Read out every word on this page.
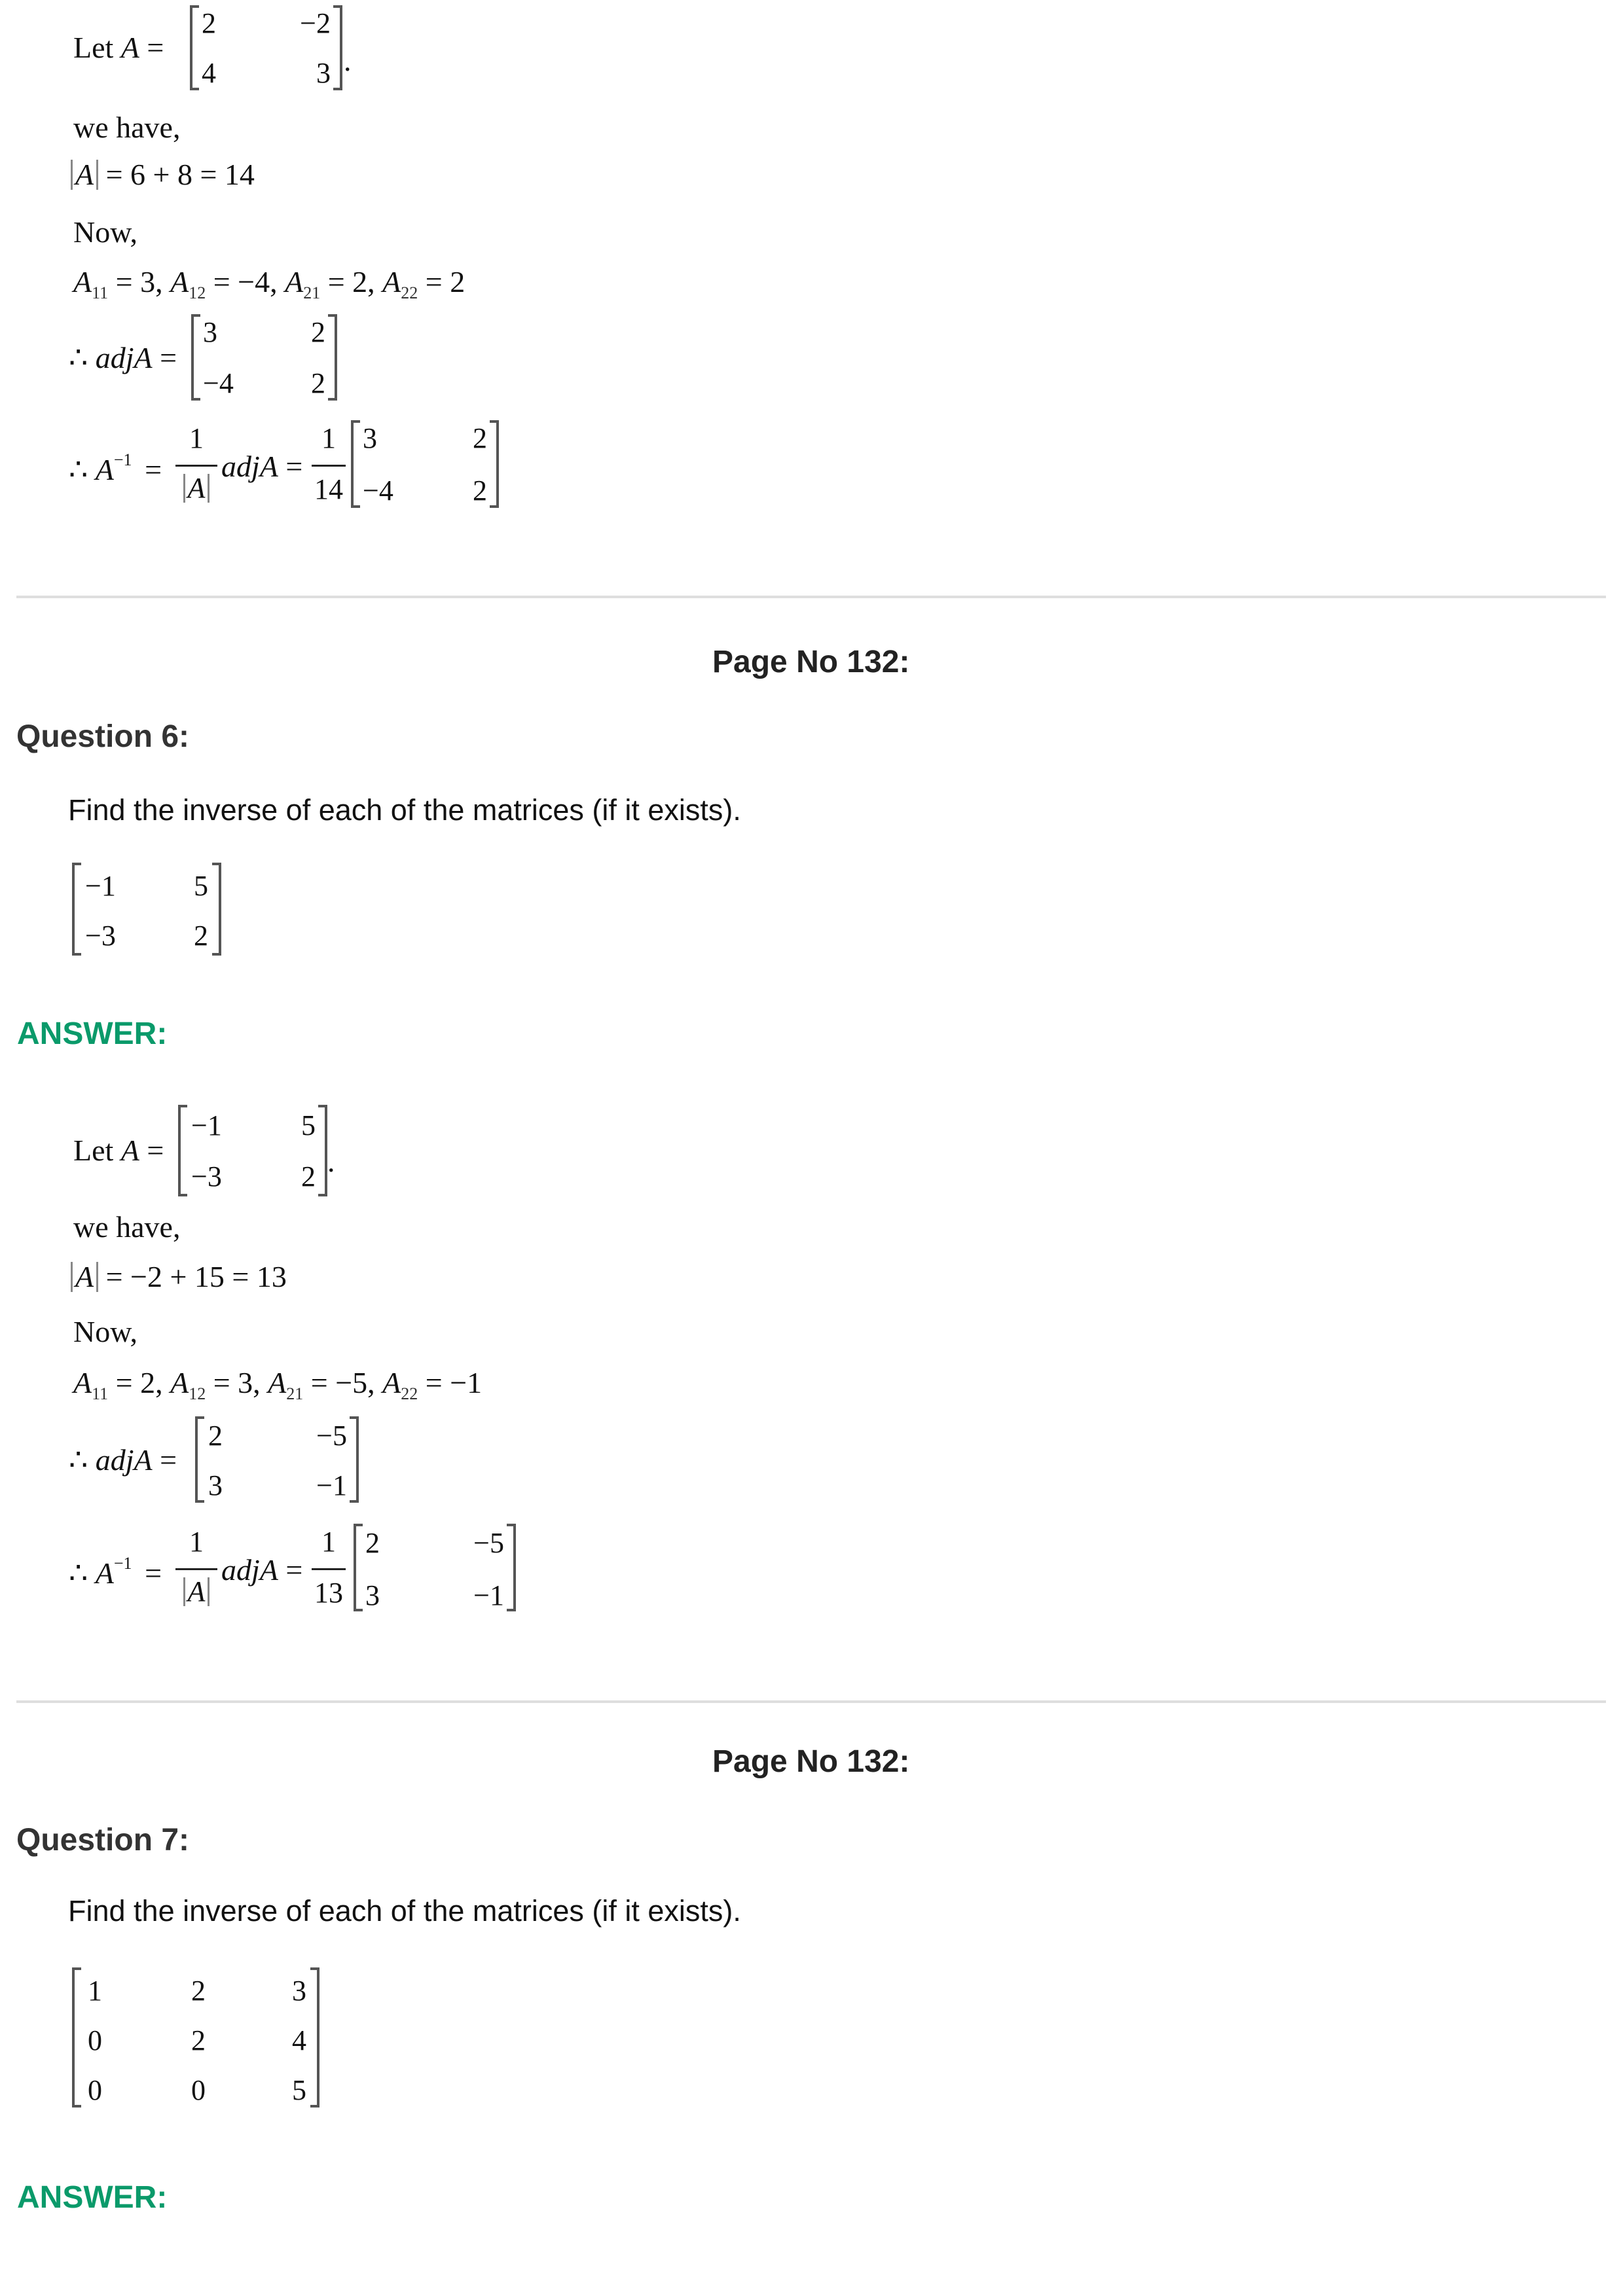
Let A =
2	−2
4	3 .
we have,
A = 6 + 8 = 14
Now,
$A_{11} = 3$, $A_{12} = -4$, $A_{21} = 2$, $A_{22} = 2$
∴ adjA =
3	2
−4	2
∴ $A^{-1}$ =
1
A
adjA =
1
14
3	2
−4	2
Page No 132:
Question 6:
Find the inverse of each of the matrices (if it exists).
−1	5
−3	2
ANSWER:
Let A =
−1	5
−3	2 .
we have,
A = −2 + 15 = 13
Now,
$A_{11} = 2$, $A_{12} = 3$, $A_{21} = -5$, $A_{22} = -1$
∴ adjA =
2	−5
3	−1
∴ $A^{-1}$ =
1
A
adjA =
1
13
2	−5
3	−1
Page No 132:
Question 7:
Find the inverse of each of the matrices (if it exists).
1	2	3
0	2	4
0	0	5
ANSWER:
